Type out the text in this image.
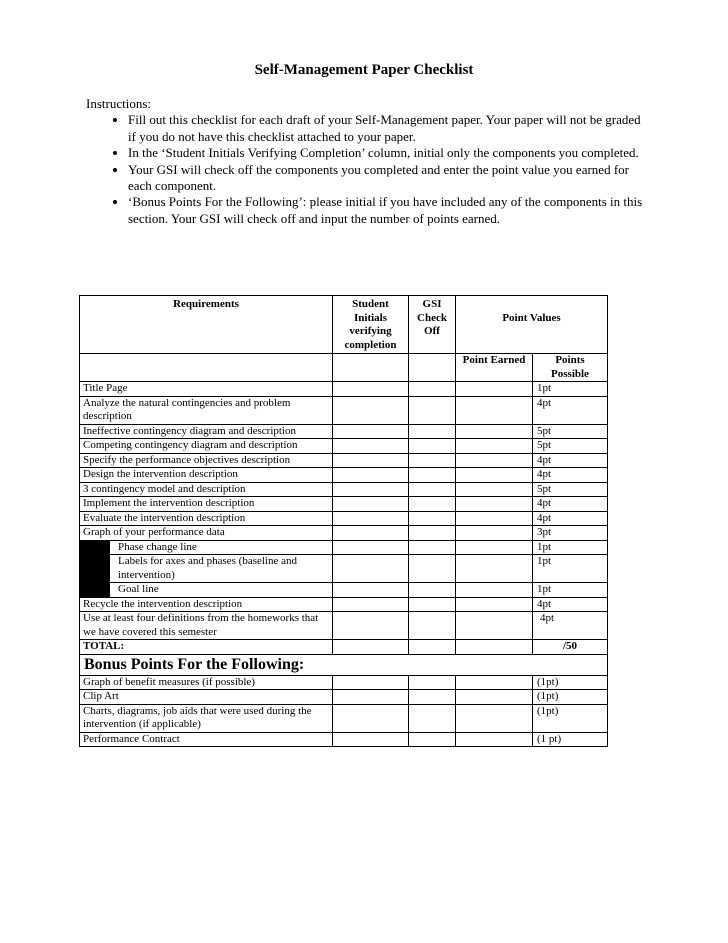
Self-Management Paper Checklist
Instructions:
• Fill out this checklist for each draft of your Self-Management paper. Your paper will not be graded if you do not have this checklist attached to your paper.
• In the ‘Student Initials Verifying Completion’ column, initial only the components you completed.
• Your GSI will check off the components you completed and enter the point value you earned for each component.
• ‘Bonus Points For the Following’: please initial if you have included any of the components in this section. Your GSI will check off and input the number of points earned.
Requirements			Student Initials verifying completion	GSI Check Off	Point Values	
					Point Earned	Points Possible
Title Page						1pt
Analyze the natural contingencies and problem description						4pt
Ineffective contingency diagram and description						5pt
Competing contingency diagram and description						5pt
Specify the performance objectives description						4pt
Design the intervention description						4pt
3 contingency model and description						5pt
Implement the intervention description						4pt
Evaluate the intervention description						4pt
Graph of your performance data						3pt
		Phase change line				1pt
		Labels for axes and phases (baseline and intervention)				1pt
		Goal line				1pt
Recycle the intervention description						4pt
Use at least four definitions from the homeworks that we have covered this semester						4pt
TOTAL:						/50
Bonus Points For the Following:						
Graph of benefit measures (if possible)						(1pt)
Clip Art						(1pt)
Charts, diagrams, job aids that were used during the intervention (if applicable)						(1pt)
Performance Contract						(1 pt)
